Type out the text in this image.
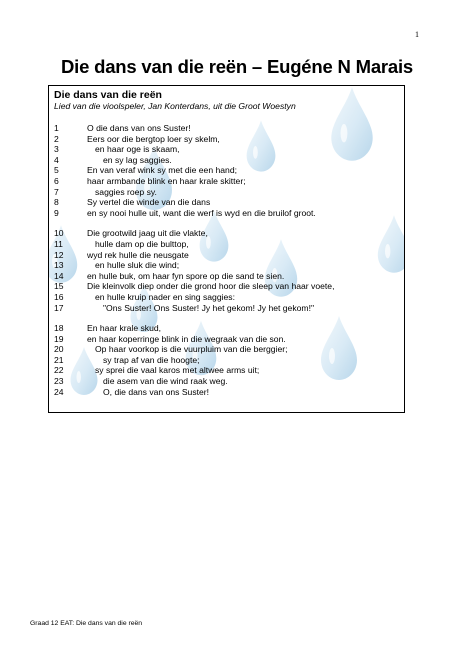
1
Die dans van die reën – Eugéne N Marais
Die dans van die reën
Lied van die vioolspeler, Jan Konterdans, uit die Groot Woestyn
1	O die dans van ons Suster!
2	Eers oor die bergtop loer sy skelm,
3	en haar oge is skaam,
4	en sy lag saggies.
5	En van veraf wink sy met die een hand;
6	haar armbande blink en haar krale skitter;
7	saggies roep sy.
8	Sy vertel die winde van die dans
9	en sy nooi hulle uit, want die werf is wyd en die bruilof groot.
10	Die grootwild jaag uit die vlakte,
11	hulle dam op die bulttop,
12	wyd rek hulle die neusgate
13	en hulle sluk die wind;
14	en hulle buk, om haar fyn spore op die sand te sien.
15	Die kleinvolk diep onder die grond hoor die sleep van haar voete,
16	en hulle kruip nader en sing saggies:
17	"Ons Suster! Ons Suster! Jy het gekom! Jy het gekom!"
18	En haar krale skud,
19	en haar koperringe blink in die wegraak van die son.
20	Op haar voorkop is die vuurpluim van die berggier;
21	sy trap af van die hoogte;
22	sy sprei die vaal karos met altwee arms uit;
23	die asem van die wind raak weg.
24	O, die dans van ons Suster!
Graad 12 EAT: Die dans van die reën
